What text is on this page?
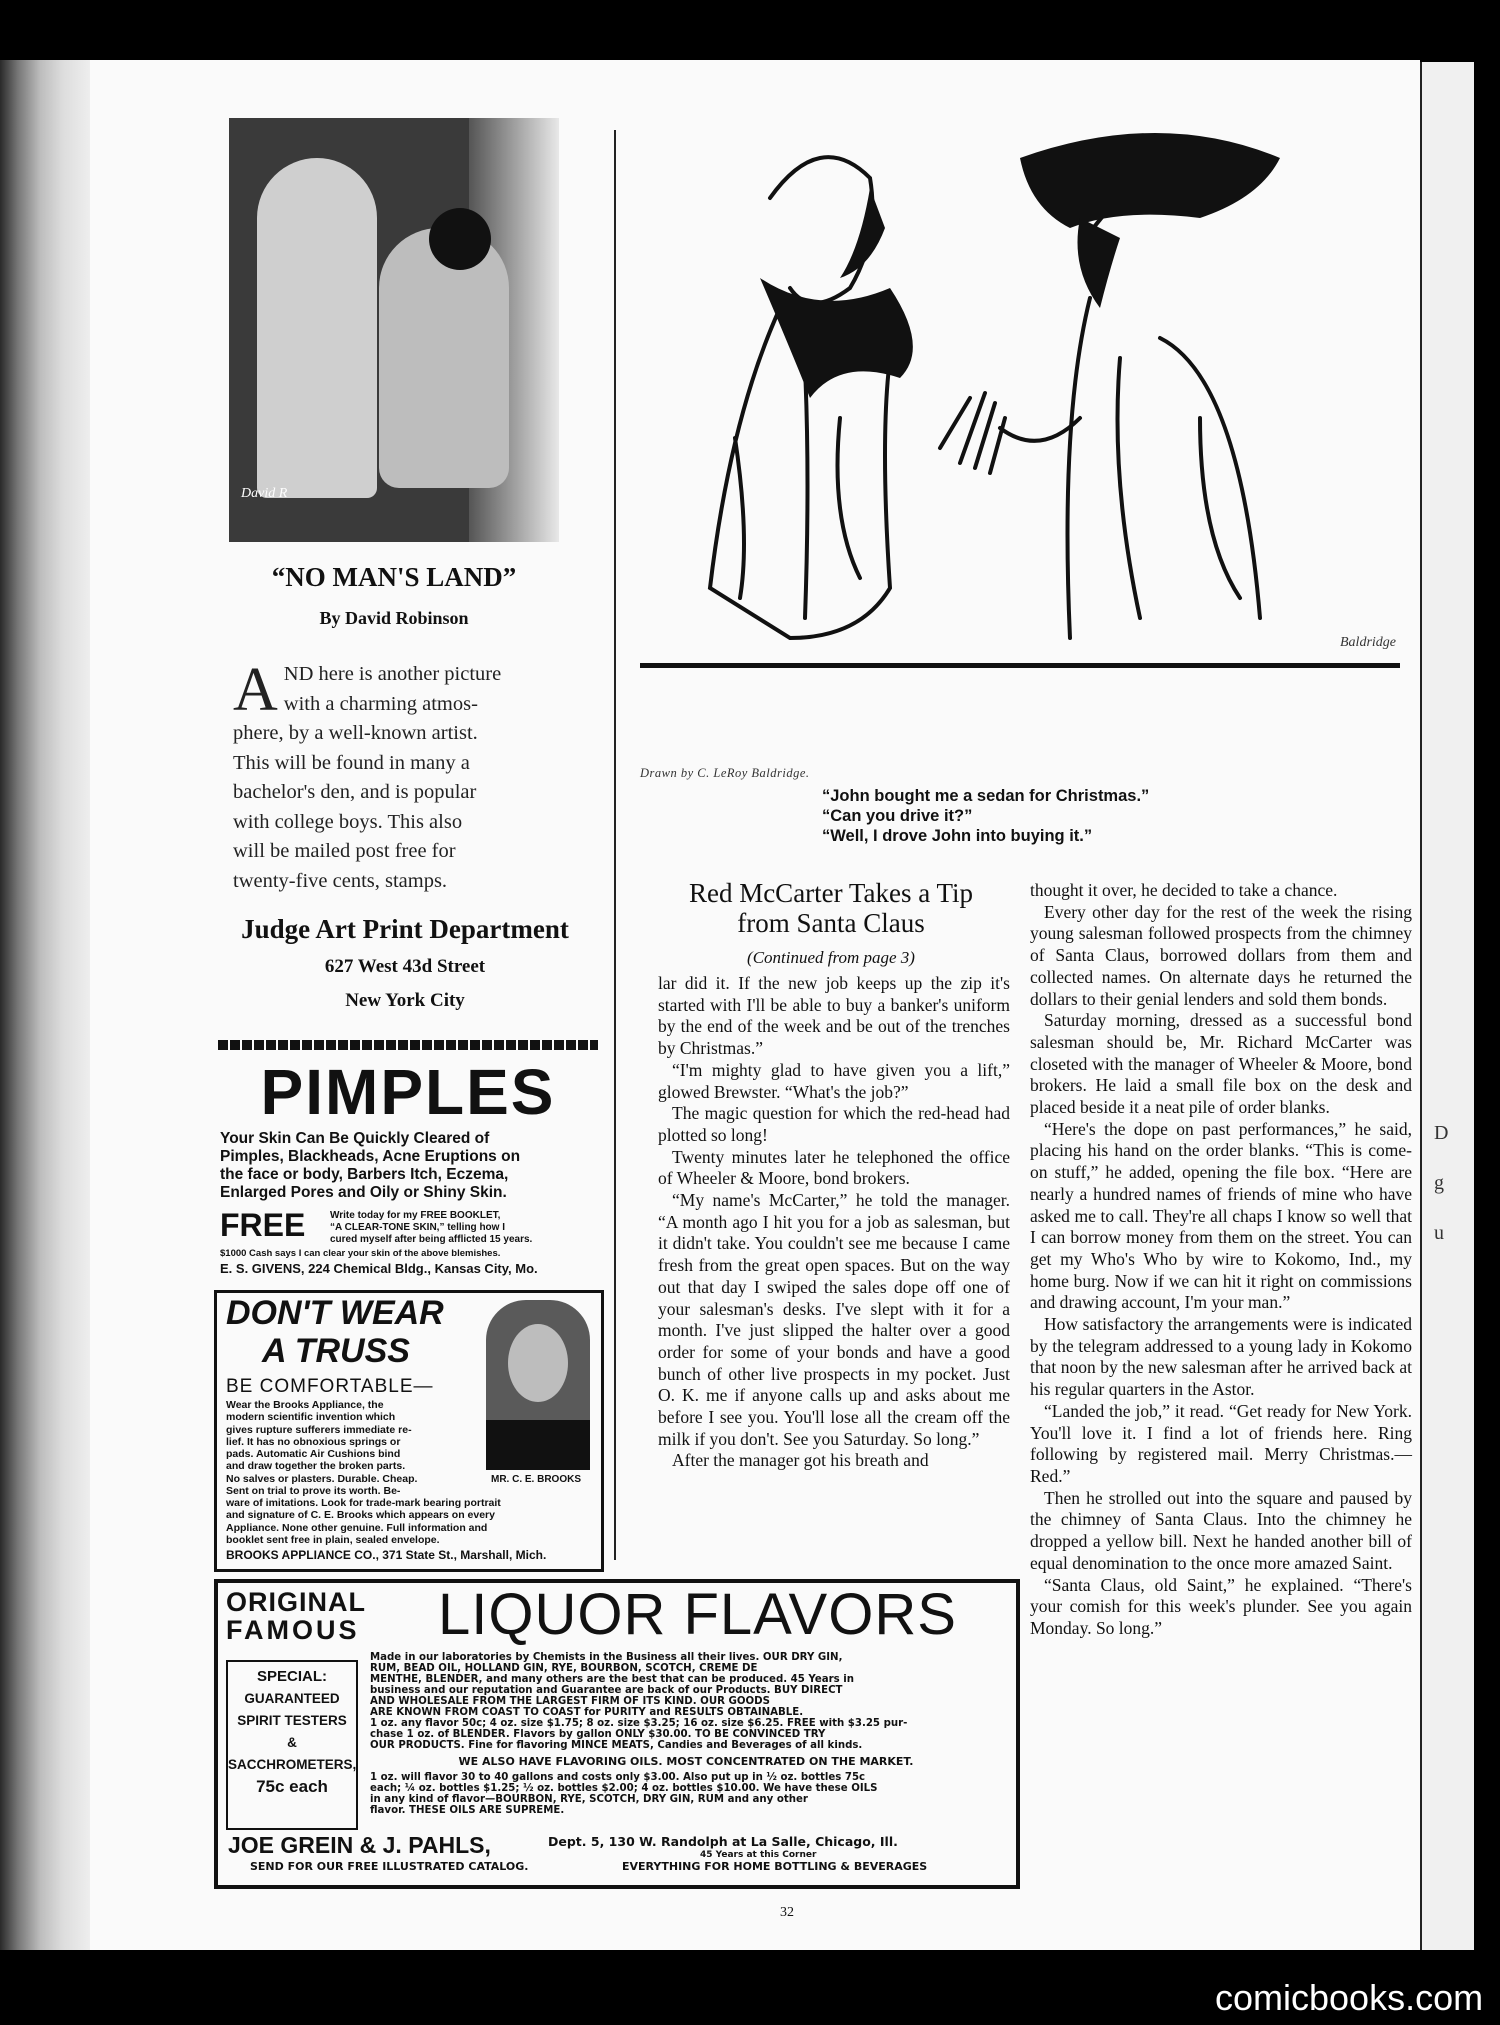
D
g
u
David R
“NO MAN'S LAND”
By David Robinson
A ND here is another picture
with a charming atmos-
phere, by a well-known artist.
This will be found in many a
bachelor's den, and is popular
with college boys. This also
will be mailed post free for
twenty-five cents, stamps.
Judge Art Print Department
627 West 43d Street
New York City
PIMPLES
Your Skin Can Be Quickly Cleared of
Pimples, Blackheads, Acne Eruptions on
the face or body, Barbers Itch, Eczema,
Enlarged Pores and Oily or Shiny Skin.
FREE Write today for my FREE BOOKLET,
“A CLEAR-TONE SKIN,” telling how I
cured myself after being afflicted 15 years.
$1000 Cash says I can clear your skin of the above blemishes.
E. S. GIVENS, 224 Chemical Bldg., Kansas City, Mo.
DON'T WEAR
A TRUSS
BE COMFORTABLE—
Wear the Brooks Appliance, the
modern scientific invention which
gives rupture sufferers immediate re-
lief. It has no obnoxious springs or
pads. Automatic Air Cushions bind
and draw together the broken parts.
No salves or plasters. Durable. Cheap.
Sent on trial to prove its worth. Be-
MR. C. E. BROOKS
ware of imitations. Look for trade-mark bearing portrait
and signature of C. E. Brooks which appears on every
Appliance. None other genuine. Full information and
booklet sent free in plain, sealed envelope.
BROOKS APPLIANCE CO., 371 State St., Marshall, Mich.
Baldridge
Drawn by C. LeRoy Baldridge.
“John bought me a sedan for Christmas.”
“Can you drive it?”
“Well, I drove John into buying it.”
Red McCarter Takes a Tip
from Santa Claus
(Continued from page 3)

lar did it. If the new job keeps up the zip it's started with I'll be able to buy a banker's uniform by the end of the week and be out of the trenches by Christmas.”

“I'm mighty glad to have given you a lift,” glowed Brewster. “What's the job?”

The magic question for which the red-head had plotted so long!

Twenty minutes later he telephoned the office of Wheeler & Moore, bond brokers.

“My name's McCarter,” he told the manager. “A month ago I hit you for a job as salesman, but it didn't take. You couldn't see me because I came fresh from the great open spaces. But on the way out that day I swiped the sales dope off one of your salesman's desks. I've slept with it for a month. I've just slipped the halter over a good order for some of your bonds and have a good bunch of other live prospects in my pocket. Just O. K. me if anyone calls up and asks about me before I see you. You'll lose all the cream off the milk if you don't. See you Saturday. So long.”

After the manager got his breath and

thought it over, he decided to take a chance.

Every other day for the rest of the week the rising young salesman followed prospects from the chimney of Santa Claus, borrowed dollars from them and collected names. On alternate days he returned the dollars to their genial lenders and sold them bonds.

Saturday morning, dressed as a successful bond salesman should be, Mr. Richard McCarter was closeted with the manager of Wheeler & Moore, bond brokers. He laid a small file box on the desk and placed beside it a neat pile of order blanks.

“Here's the dope on past performances,” he said, placing his hand on the order blanks. “This is come-on stuff,” he added, opening the file box. “Here are nearly a hundred names of friends of mine who have asked me to call. They're all chaps I know so well that I can borrow money from them on the street. You can get my Who's Who by wire to Kokomo, Ind., my home burg. Now if we can hit it right on commissions and drawing account, I'm your man.”

How satisfactory the arrangements were is indicated by the telegram addressed to a young lady in Kokomo that noon by the new salesman after he arrived back at his regular quarters in the Astor.

“Landed the job,” it read. “Get ready for New York. You'll love it. I find a lot of friends here. Ring following by registered mail. Merry Christmas.—Red.”

Then he strolled out into the square and paused by the chimney of Santa Claus. Into the chimney he dropped a yellow bill. Next he handed another bill of equal denomination to the once more amazed Saint.

“Santa Claus, old Saint,” he explained. “There's your comish for this week's plunder. See you again Monday. So long.”

ORIGINAL
FAMOUS LIQUOR FLAVORS
SPECIAL:
GUARANTEED
SPIRIT TESTERS
&
SACCHROMETERS,
75c each
Made in our laboratories by Chemists in the Business all their lives. OUR DRY GIN,
RUM, BEAD OIL, HOLLAND GIN, RYE, BOURBON, SCOTCH, CREME DE
MENTHE, BLENDER, and many others are the best that can be produced. 45 Years in
business and our reputation and Guarantee are back of our Products. BUY DIRECT
AND WHOLESALE FROM THE LARGEST FIRM OF ITS KIND. OUR GOODS
ARE KNOWN FROM COAST TO COAST for PURITY and RESULTS OBTAINABLE.
1 oz. any flavor 50c; 4 oz. size $1.75; 8 oz. size $3.25; 16 oz. size $6.25. FREE with $3.25 pur-
chase 1 oz. of BLENDER. Flavors by gallon ONLY $30.00. TO BE CONVINCED TRY
OUR PRODUCTS. Fine for flavoring MINCE MEATS, Candies and Beverages of all kinds.
WE ALSO HAVE FLAVORING OILS. MOST CONCENTRATED ON THE MARKET.
1 oz. will flavor 30 to 40 gallons and costs only $3.00. Also put up in ½ oz. bottles 75c
each; ¼ oz. bottles $1.25; ½ oz. bottles $2.00; 4 oz. bottles $10.00. We have these OILS
in any kind of flavor—BOURBON, RYE, SCOTCH, DRY GIN, RUM and any other
flavor. THESE OILS ARE SUPREME.
JOE GREIN & J. PAHLS,	Dept. 5, 130 W. Randolph at La Salle, Chicago, Ill.
45 Years at this Corner
SEND FOR OUR FREE ILLUSTRATED CATALOG.	EVERYTHING FOR HOME BOTTLING & BEVERAGES
32
comicbooks.com
